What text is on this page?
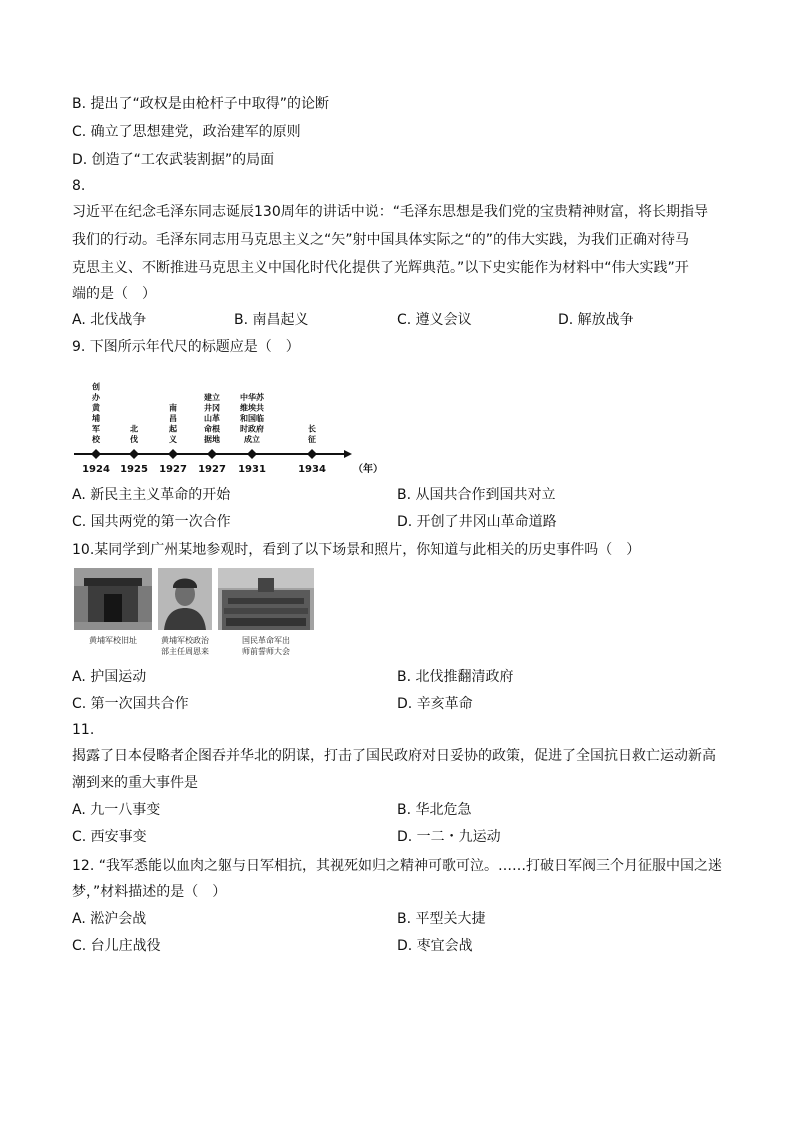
B. 提出了“政权是由枪杆子中取得”的论断
C. 确立了思想建党，政治建军的原则
D. 创造了“工农武装割据”的局面
8.
习近平在纪念毛泽东同志诞辰130周年的讲话中说：“毛泽东思想是我们党的宝贵精神财富，将长期指导
我们的行动。毛泽东同志用马克思主义之“矢”射中国具体实际之“的”的伟大实践，为我们正确对待马
克思主义、不断推进马克思主义中国化时代化提供了光辉典范。”以下史实能作为材料中“伟大实践”开
端的是（　）
A. 北伐战争	B. 南昌起义	C. 遵义会议	D. 解放战争
9. 下图所示年代尺的标题应是（　）
创
办
黄
埔
军
校
1924
北
伐
1925
南
昌
起
义
1927
建立
井冈
山革
命根
据地
1927
中华苏
维埃共
和国临
时政府
成立
1931
长
征
1934	（年）
A. 新民主主义革命的开始	B. 从国共合作到国共对立
C. 国共两党的第一次合作	D. 开创了井冈山革命道路
10.某同学到广州某地参观时，看到了以下场景和照片，你知道与此相关的历史事件吗（　）
黄埔军校旧址	黄埔军校政治
部主任周恩来
国民革命军出
师前誓师大会
A. 护国运动	B. 北伐推翻清政府
C. 第一次国共合作	D. 辛亥革命
11.
揭露了日本侵略者企图吞并华北的阴谋，打击了国民政府对日妥协的政策，促进了全国抗日救亡运动新高
潮到来的重大事件是
A. 九一八事变	B. 华北危急
C. 西安事变	D. 一二・九运动
12. “我军悉能以血肉之躯与日军相抗，其视死如归之精神可歌可泣。……打破日军阀三个月征服中国之迷
梦，”材料描述的是（　）
A. 淞沪会战	B. 平型关大捷
C. 台儿庄战役	D. 枣宜会战
